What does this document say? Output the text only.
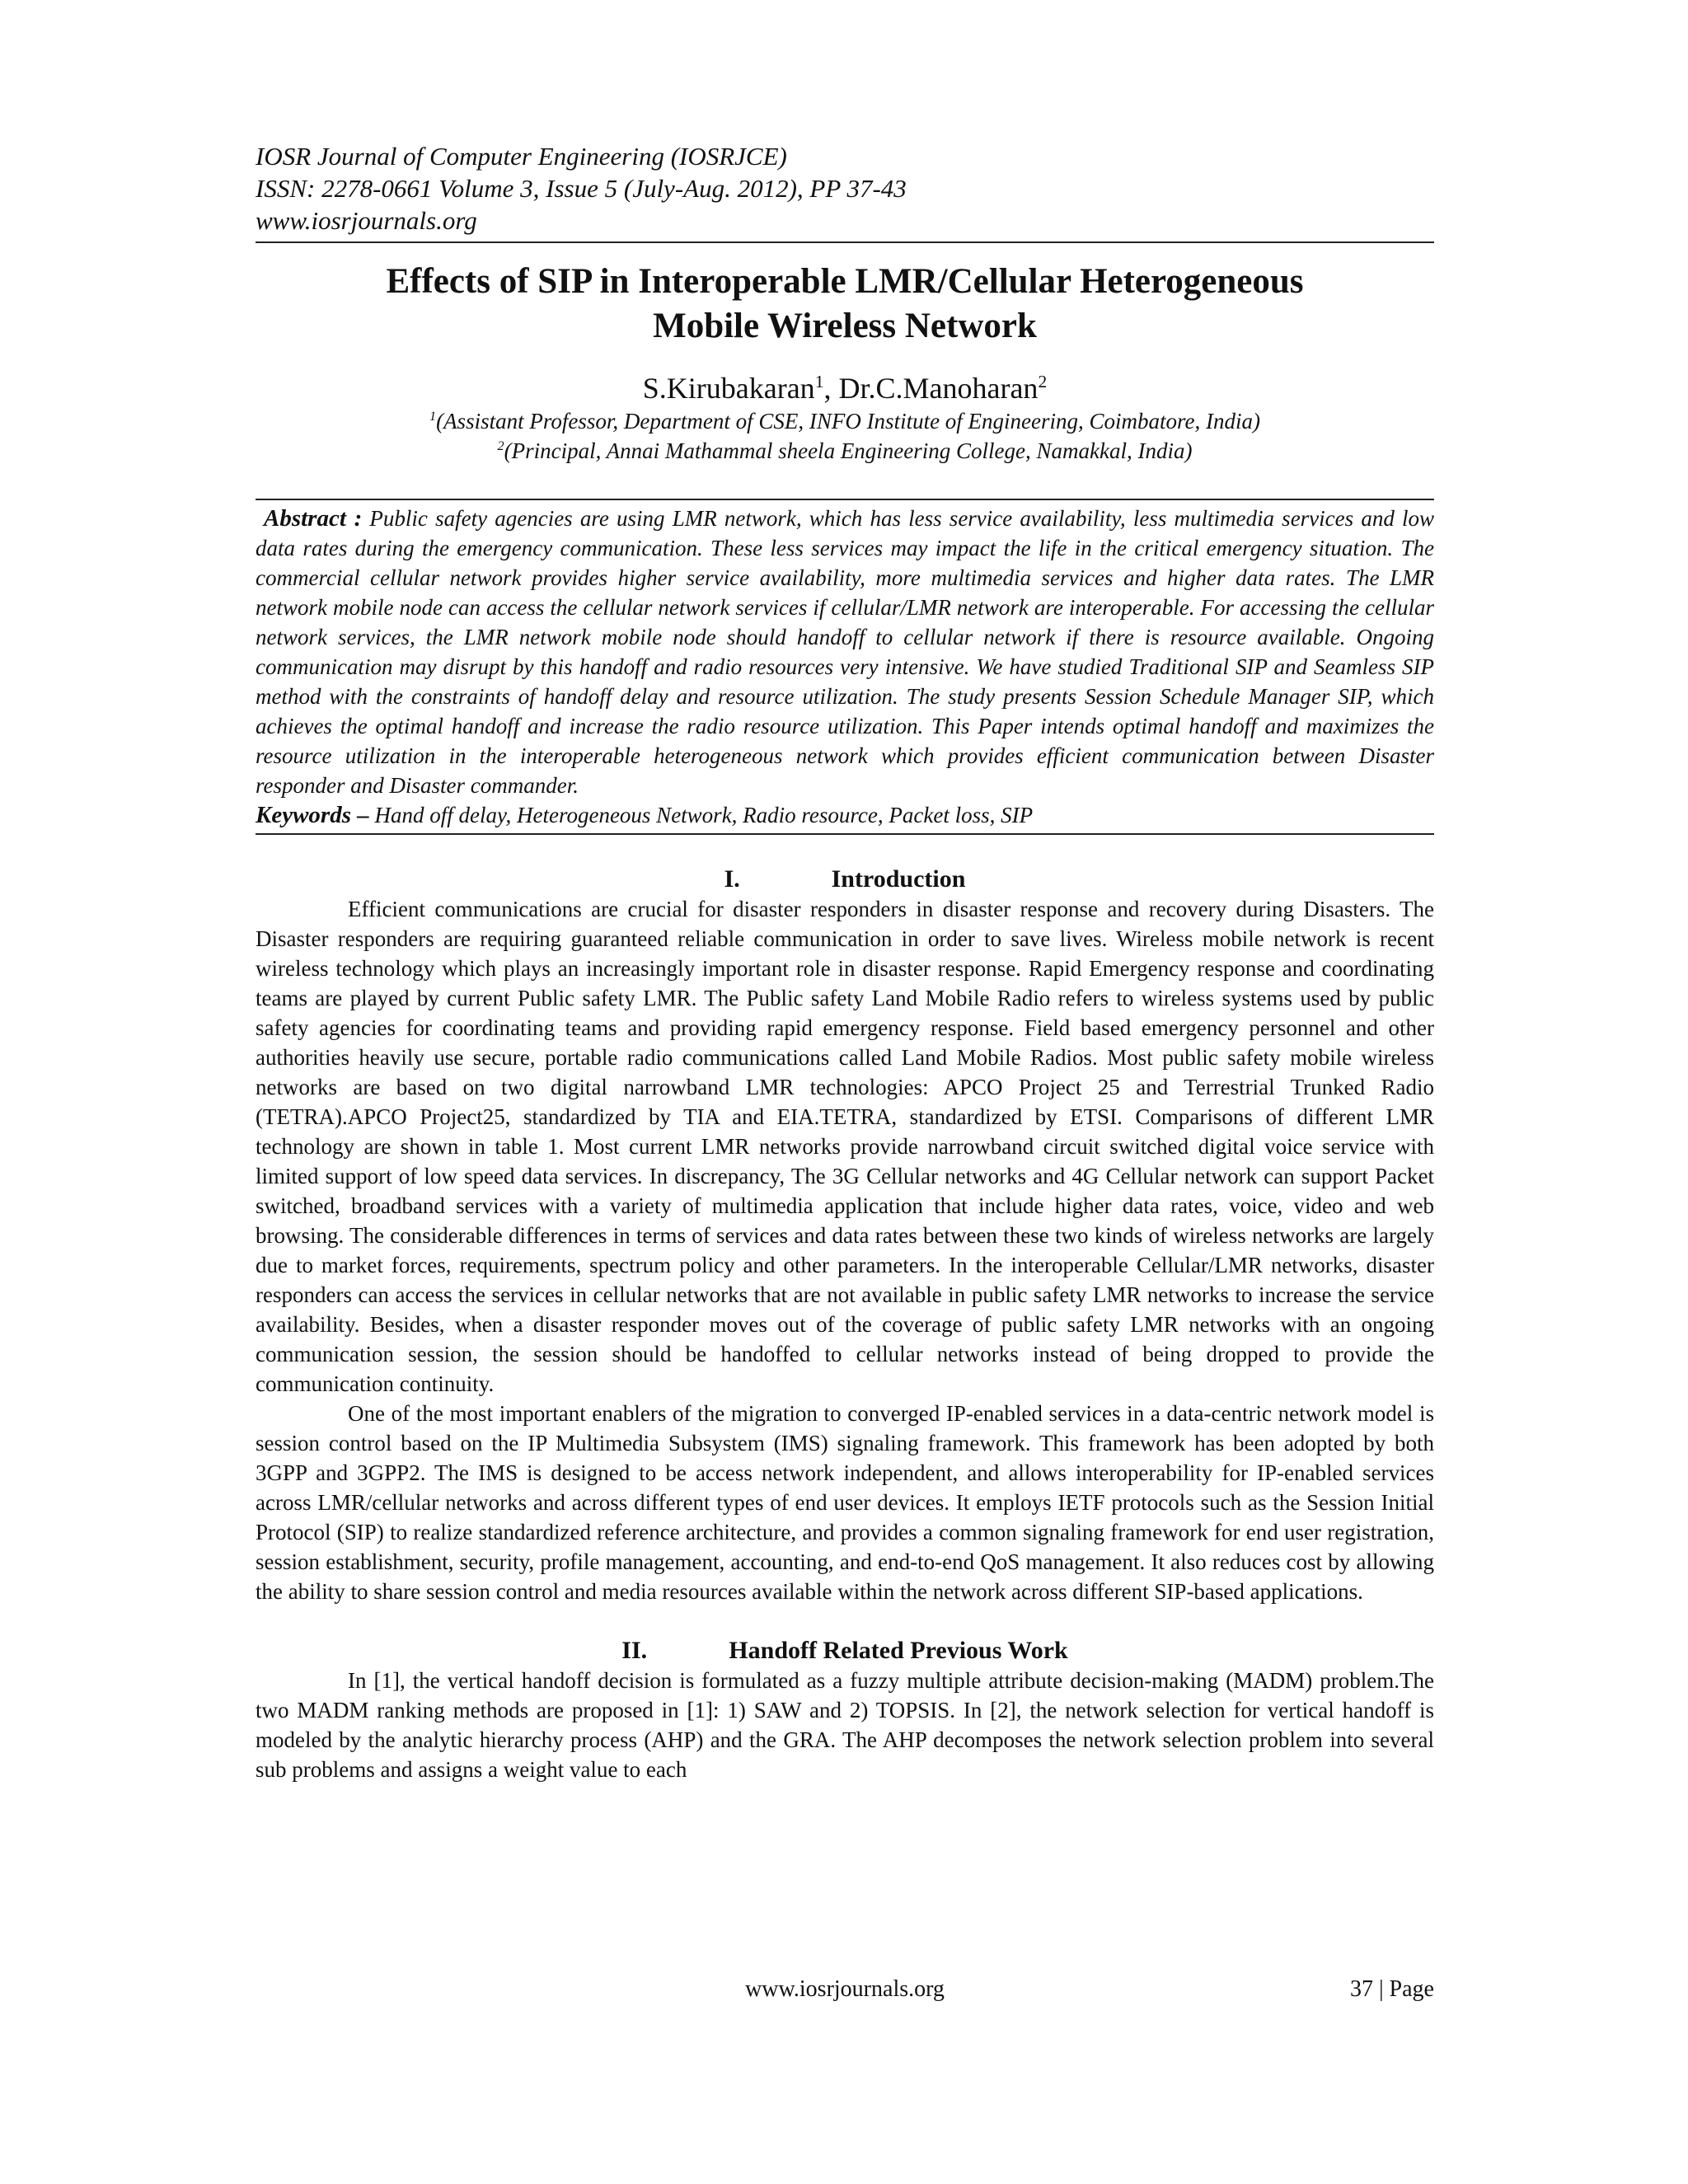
IOSR Journal of Computer Engineering (IOSRJCE)
ISSN: 2278-0661 Volume 3, Issue 5 (July-Aug. 2012), PP 37-43
www.iosrjournals.org
Effects of SIP in Interoperable LMR/Cellular Heterogeneous
Mobile Wireless Network
S.Kirubakaran$^1$, Dr.C.Manoharan$^2$
$^1$(Assistant Professor, Department of CSE, INFO Institute of Engineering, Coimbatore, India)
$^2$(Principal, Annai Mathammal sheela Engineering College, Namakkal, India)
Abstract : Public safety agencies are using LMR network, which has less service availability, less multimedia services and low data rates during the emergency communication. These less services may impact the life in the critical emergency situation. The commercial cellular network provides higher service availability, more multimedia services and higher data rates. The LMR network mobile node can access the cellular network services if cellular/LMR network are interoperable. For accessing the cellular network services, the LMR network mobile node should handoff to cellular network if there is resource available. Ongoing communication may disrupt by this handoff and radio resources very intensive. We have studied Traditional SIP and Seamless SIP method with the constraints of handoff delay and resource utilization. The study presents Session Schedule Manager SIP, which achieves the optimal handoff and increase the radio resource utilization. This Paper intends optimal handoff and maximizes the resource utilization in the interoperable heterogeneous network which provides efficient communication between Disaster responder and Disaster commander.
Keywords – Hand off delay, Heterogeneous Network, Radio resource, Packet loss, SIP
I.	Introduction

Efficient communications are crucial for disaster responders in disaster response and recovery during Disasters. The Disaster responders are requiring guaranteed reliable communication in order to save lives. Wireless mobile network is recent wireless technology which plays an increasingly important role in disaster response. Rapid Emergency response and coordinating teams are played by current Public safety LMR. The Public safety Land Mobile Radio refers to wireless systems used by public safety agencies for coordinating teams and providing rapid emergency response. Field based emergency personnel and other authorities heavily use secure, portable radio communications called Land Mobile Radios. Most public safety mobile wireless networks are based on two digital narrowband LMR technologies: APCO Project 25 and Terrestrial Trunked Radio (TETRA).APCO Project25, standardized by TIA and EIA.TETRA, standardized by ETSI. Comparisons of different LMR technology are shown in table 1. Most current LMR networks provide narrowband circuit switched digital voice service with limited support of low speed data services. In discrepancy, The 3G Cellular networks and 4G Cellular network can support Packet switched, broadband services with a variety of multimedia application that include higher data rates, voice, video and web browsing. The considerable differences in terms of services and data rates between these two kinds of wireless networks are largely due to market forces, requirements, spectrum policy and other parameters. In the interoperable Cellular/LMR networks, disaster responders can access the services in cellular networks that are not available in public safety LMR networks to increase the service availability. Besides, when a disaster responder moves out of the coverage of public safety LMR networks with an ongoing communication session, the session should be handoffed to cellular networks instead of being dropped to provide the communication continuity.

One of the most important enablers of the migration to converged IP-enabled services in a data-centric network model is session control based on the IP Multimedia Subsystem (IMS) signaling framework. This framework has been adopted by both 3GPP and 3GPP2. The IMS is designed to be access network independent, and allows interoperability for IP-enabled services across LMR/cellular networks and across different types of end user devices. It employs IETF protocols such as the Session Initial Protocol (SIP) to realize standardized reference architecture, and provides a common signaling framework for end user registration, session establishment, security, profile management, accounting, and end-to-end QoS management. It also reduces cost by allowing the ability to share session control and media resources available within the network across different SIP-based applications.

II.	Handoff Related Previous Work

In [1], the vertical handoff decision is formulated as a fuzzy multiple attribute decision-making (MADM) problem.The two MADM ranking methods are proposed in [1]: 1) SAW and 2) TOPSIS. In [2], the network selection for vertical handoff is modeled by the analytic hierarchy process (AHP) and the GRA. The AHP decomposes the network selection problem into several sub problems and assigns a weight value to each

www.iosrjournals.org	37 | Page
